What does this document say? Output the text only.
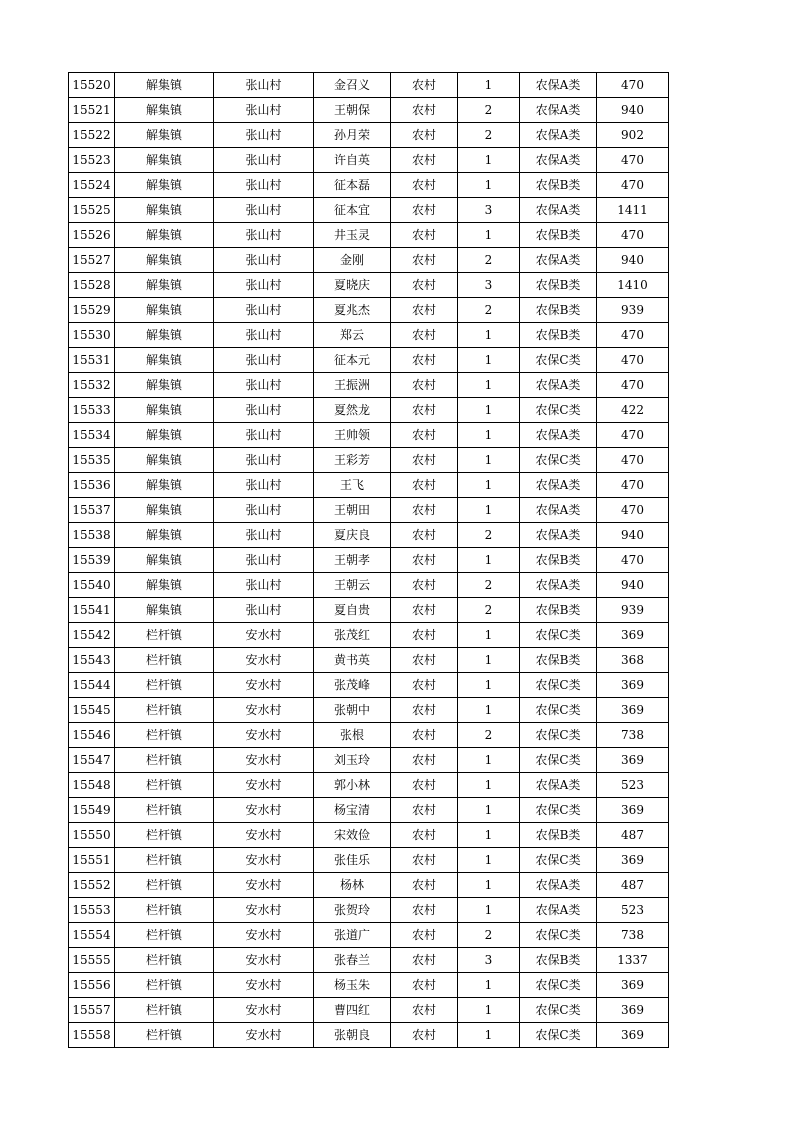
15520	解集镇	张山村	金召义	农村	1	农保A类	470
15521	解集镇	张山村	王朝保	农村	2	农保A类	940
15522	解集镇	张山村	孙月荣	农村	2	农保A类	902
15523	解集镇	张山村	许自英	农村	1	农保A类	470
15524	解集镇	张山村	征本磊	农村	1	农保B类	470
15525	解集镇	张山村	征本宜	农村	3	农保A类	1411
15526	解集镇	张山村	井玉灵	农村	1	农保B类	470
15527	解集镇	张山村	金刚	农村	2	农保A类	940
15528	解集镇	张山村	夏晓庆	农村	3	农保B类	1410
15529	解集镇	张山村	夏兆杰	农村	2	农保B类	939
15530	解集镇	张山村	郑云	农村	1	农保B类	470
15531	解集镇	张山村	征本元	农村	1	农保C类	470
15532	解集镇	张山村	王振洲	农村	1	农保A类	470
15533	解集镇	张山村	夏然龙	农村	1	农保C类	422
15534	解集镇	张山村	王帅领	农村	1	农保A类	470
15535	解集镇	张山村	王彩芳	农村	1	农保C类	470
15536	解集镇	张山村	王飞	农村	1	农保A类	470
15537	解集镇	张山村	王朝田	农村	1	农保A类	470
15538	解集镇	张山村	夏庆良	农村	2	农保A类	940
15539	解集镇	张山村	王朝孝	农村	1	农保B类	470
15540	解集镇	张山村	王朝云	农村	2	农保A类	940
15541	解集镇	张山村	夏自贵	农村	2	农保B类	939
15542	栏杆镇	安水村	张茂红	农村	1	农保C类	369
15543	栏杆镇	安水村	黄书英	农村	1	农保B类	368
15544	栏杆镇	安水村	张茂峰	农村	1	农保C类	369
15545	栏杆镇	安水村	张朝中	农村	1	农保C类	369
15546	栏杆镇	安水村	张根	农村	2	农保C类	738
15547	栏杆镇	安水村	刘玉玲	农村	1	农保C类	369
15548	栏杆镇	安水村	郭小林	农村	1	农保A类	523
15549	栏杆镇	安水村	杨宝清	农村	1	农保C类	369
15550	栏杆镇	安水村	宋效俭	农村	1	农保B类	487
15551	栏杆镇	安水村	张佳乐	农村	1	农保C类	369
15552	栏杆镇	安水村	杨林	农村	1	农保A类	487
15553	栏杆镇	安水村	张贺玲	农村	1	农保A类	523
15554	栏杆镇	安水村	张道广	农村	2	农保C类	738
15555	栏杆镇	安水村	张春兰	农村	3	农保B类	1337
15556	栏杆镇	安水村	杨玉朱	农村	1	农保C类	369
15557	栏杆镇	安水村	曹四红	农村	1	农保C类	369
15558	栏杆镇	安水村	张朝良	农村	1	农保C类	369
